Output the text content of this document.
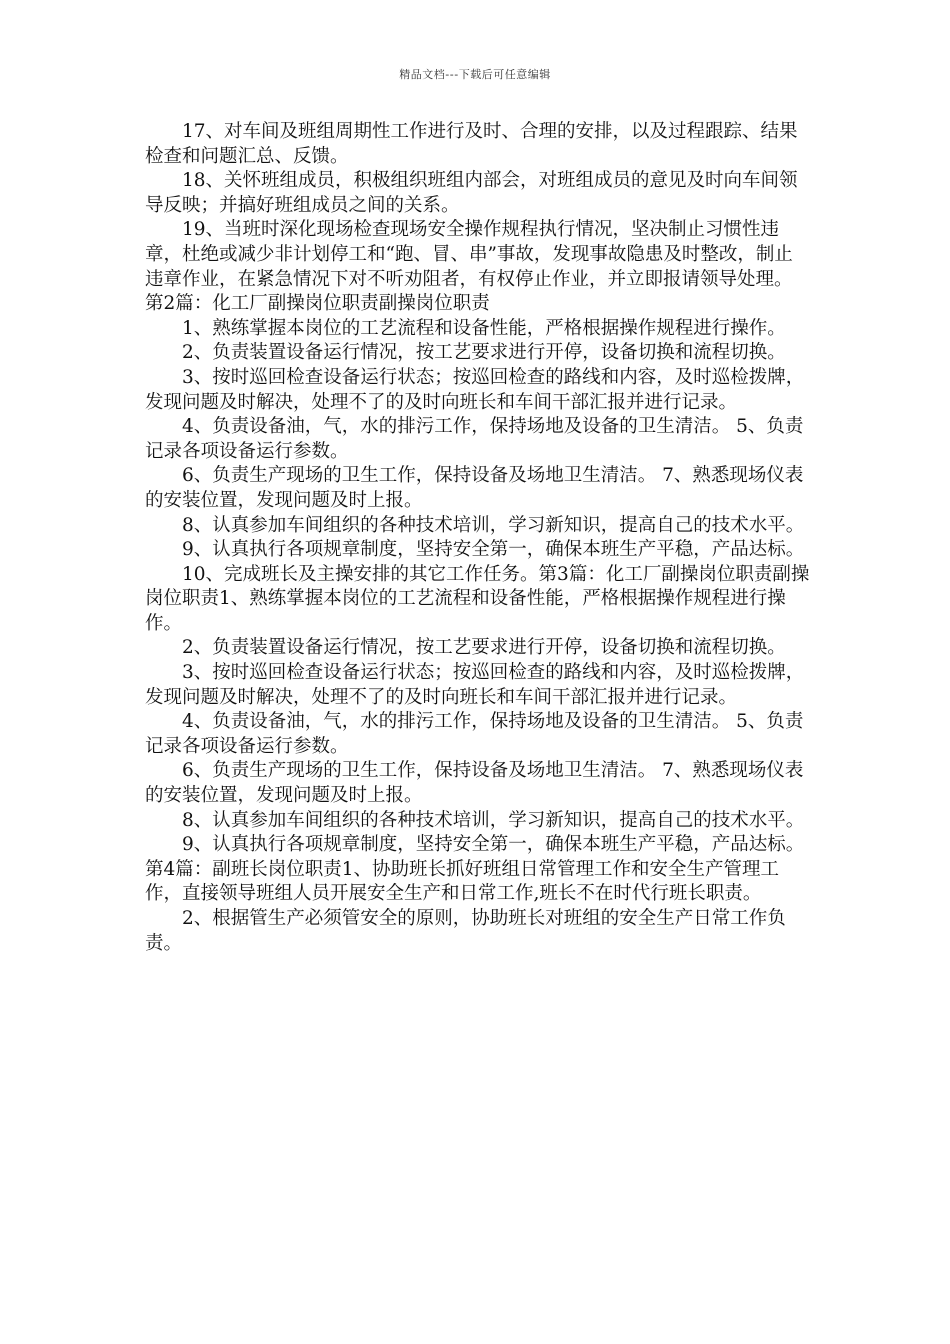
精品文档---下载后可任意编辑

17、对车间及班组周期性工作进行及时、合理的安排，以及过程跟踪、结果检查和问题汇总、反馈。

18、关怀班组成员，积极组织班组内部会，对班组成员的意见及时向车间领导反映；并搞好班组成员之间的关系。

19、当班时深化现场检查现场安全操作规程执行情况，坚决制止习惯性违章，杜绝或减少非计划停工和“跑、冒、串”事故，发现事故隐患及时整改，制止违章作业，在紧急情况下对不听劝阻者，有权停止作业，并立即报请领导处理。第2篇：化工厂副操岗位职责副操岗位职责

1、熟练掌握本岗位的工艺流程和设备性能，严格根据操作规程进行操作。

2、负责装置设备运行情况，按工艺要求进行开停，设备切换和流程切换。

3、按时巡回检查设备运行状态；按巡回检查的路线和内容，及时巡检拨牌，发现问题及时解决，处理不了的及时向班长和车间干部汇报并进行记录。

4、负责设备油，气，水的排污工作，保持场地及设备的卫生清洁。 5、负责记录各项设备运行参数。

6、负责生产现场的卫生工作，保持设备及场地卫生清洁。 7、熟悉现场仪表的安装位置，发现问题及时上报。

8、认真参加车间组织的各种技术培训，学习新知识，提高自己的技术水平。

9、认真执行各项规章制度，坚持安全第一，确保本班生产平稳，产品达标。

10、完成班长及主操安排的其它工作任务。第3篇：化工厂副操岗位职责副操岗位职责1、熟练掌握本岗位的工艺流程和设备性能，严格根据操作规程进行操作。

2、负责装置设备运行情况，按工艺要求进行开停，设备切换和流程切换。

3、按时巡回检查设备运行状态；按巡回检查的路线和内容，及时巡检拨牌，发现问题及时解决，处理不了的及时向班长和车间干部汇报并进行记录。

4、负责设备油，气，水的排污工作，保持场地及设备的卫生清洁。 5、负责记录各项设备运行参数。

6、负责生产现场的卫生工作，保持设备及场地卫生清洁。 7、熟悉现场仪表的安装位置，发现问题及时上报。

8、认真参加车间组织的各种技术培训，学习新知识，提高自己的技术水平。

9、认真执行各项规章制度，坚持安全第一，确保本班生产平稳，产品达标。第4篇：副班长岗位职责1、协助班长抓好班组日常管理工作和安全生产管理工作，直接领导班组人员开展安全生产和日常工作,班长不在时代行班长职责。

2、根据管生产必须管安全的原则，协助班长对班组的安全生产日常工作负责。
